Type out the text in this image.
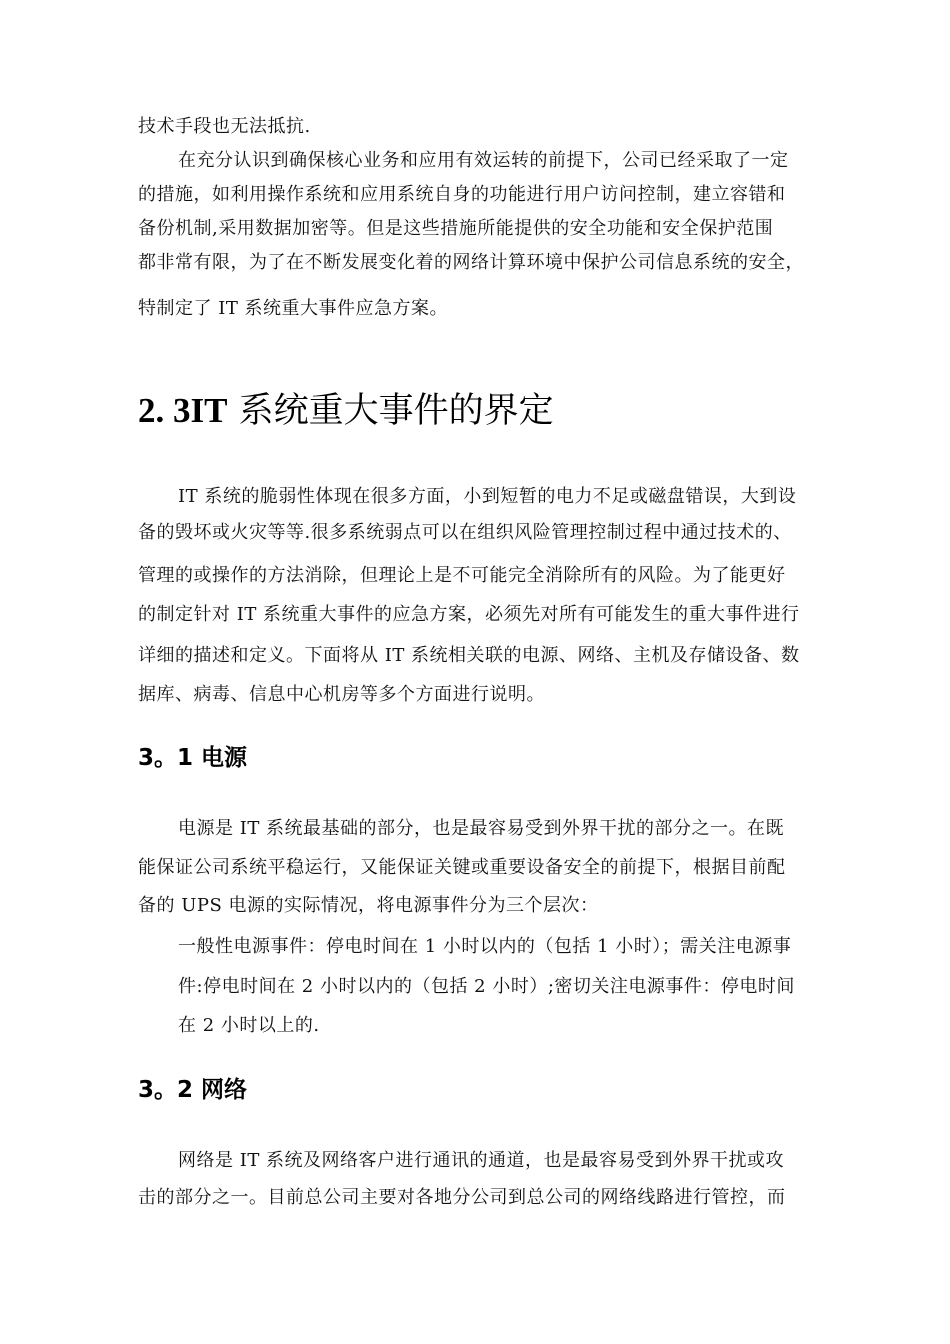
技术手段也无法抵抗.
在充分认识到确保核心业务和应用有效运转的前提下，公司已经采取了一定
的措施，如利用操作系统和应用系统自身的功能进行用户访问控制，建立容错和
备份机制,采用数据加密等。但是这些措施所能提供的安全功能和安全保护范围
都非常有限，为了在不断发展变化着的网络计算环境中保护公司信息系统的安全，
特制定了 IT 系统重大事件应急方案。
2. 3IT 系统重大事件的界定
IT 系统的脆弱性体现在很多方面，小到短暂的电力不足或磁盘错误，大到设
备的毁坏或火灾等等.很多系统弱点可以在组织风险管理控制过程中通过技术的、
管理的或操作的方法消除，但理论上是不可能完全消除所有的风险。为了能更好
的制定针对 IT 系统重大事件的应急方案，必须先对所有可能发生的重大事件进行
详细的描述和定义。下面将从 IT 系统相关联的电源、网络、主机及存储设备、数
据库、病毒、信息中心机房等多个方面进行说明。
3。1 电源
电源是 IT 系统最基础的部分，也是最容易受到外界干扰的部分之一。在既
能保证公司系统平稳运行，又能保证关键或重要设备安全的前提下，根据目前配
备的 UPS 电源的实际情况，将电源事件分为三个层次：
一般性电源事件：停电时间在 1 小时以内的（包括 1 小时）；需关注电源事
件:停电时间在 2 小时以内的（包括 2 小时）;密切关注电源事件：停电时间
在 2 小时以上的.
3。2 网络
网络是 IT 系统及网络客户进行通讯的通道，也是最容易受到外界干扰或攻
击的部分之一。目前总公司主要对各地分公司到总公司的网络线路进行管控，而
